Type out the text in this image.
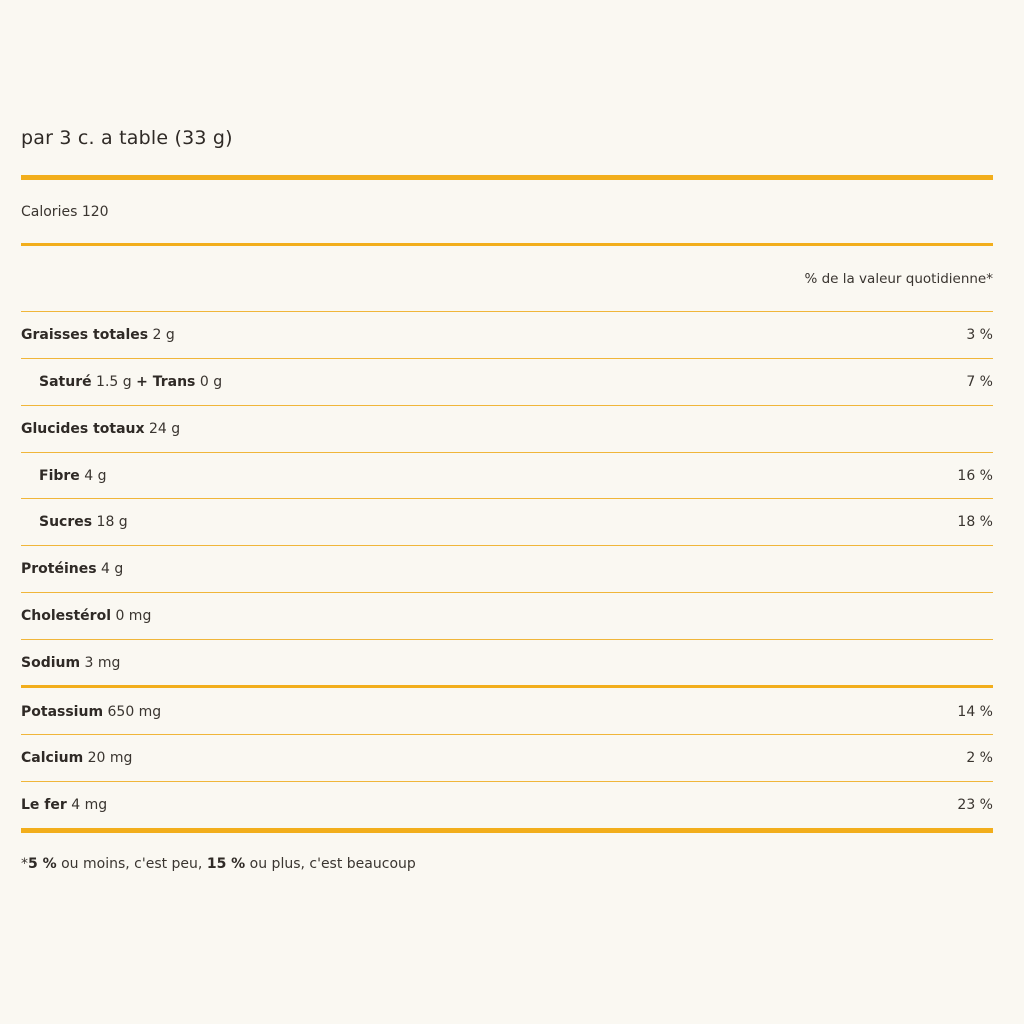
par 3 c. a table (33 g)
Calories 120
% de la valeur quotidienne*
Graisses totales 2 g	3 %
Saturé 1.5 g + Trans 0 g	7 %
Glucides totaux 24 g
Fibre 4 g	16 %
Sucres 18 g	18 %
Protéines 4 g
Cholestérol 0 mg
Sodium 3 mg
Potassium 650 mg	14 %
Calcium 20 mg	2 %
Le fer 4 mg	23 %
*5 % ou moins, c'est peu, 15 % ou plus, c'est beaucoup
